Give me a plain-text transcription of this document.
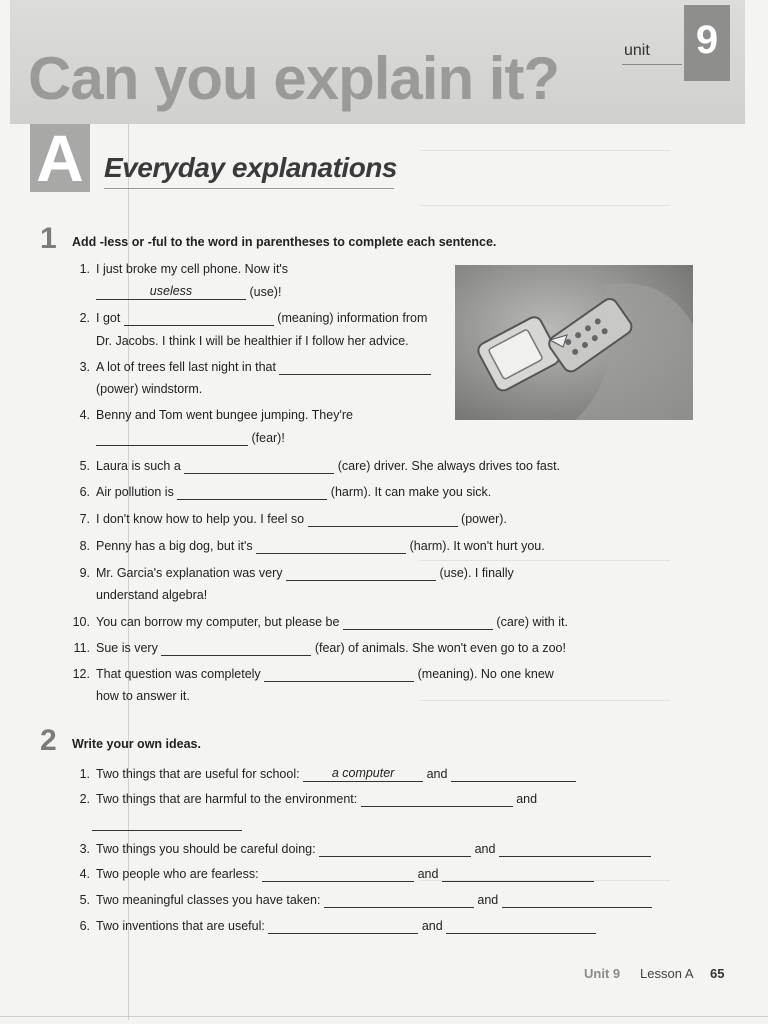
9
unit
Can you explain it?
A Everyday explanations
1 Add -less or -ful to the word in parentheses to complete each sentence.
1. I just broke my cell phone. Now it's
useless	(use)!
2. I got	(meaning) information from
Dr. Jacobs. I think I will be healthier if I follow her advice.
3. A lot of trees fell last night in that
(power) windstorm.
4. Benny and Tom went bungee jumping. They're
(fear)!
5. Laura is such a	(care) driver. She always drives too fast.
6. Air pollution is	(harm). It can make you sick.
7. I don't know how to help you. I feel so	(power).
8. Penny has a big dog, but it's	(harm). It won't hurt you.
9. Mr. Garcia's explanation was very	(use). I finally
understand algebra!
10. You can borrow my computer, but please be	(care) with it.
11. Sue is very	(fear) of animals. She won't even go to a zoo!
12. That question was completely	(meaning). No one knew
how to answer it.
2 Write your own ideas.
1. Two things that are useful for school:	a computer	and
2. Two things that are harmful to the environment:	and
3. Two things you should be careful doing:	and
4. Two people who are fearless:	and
5. Two meaningful classes you have taken:	and
6. Two inventions that are useful:	and
Unit 9 Lesson A 65
